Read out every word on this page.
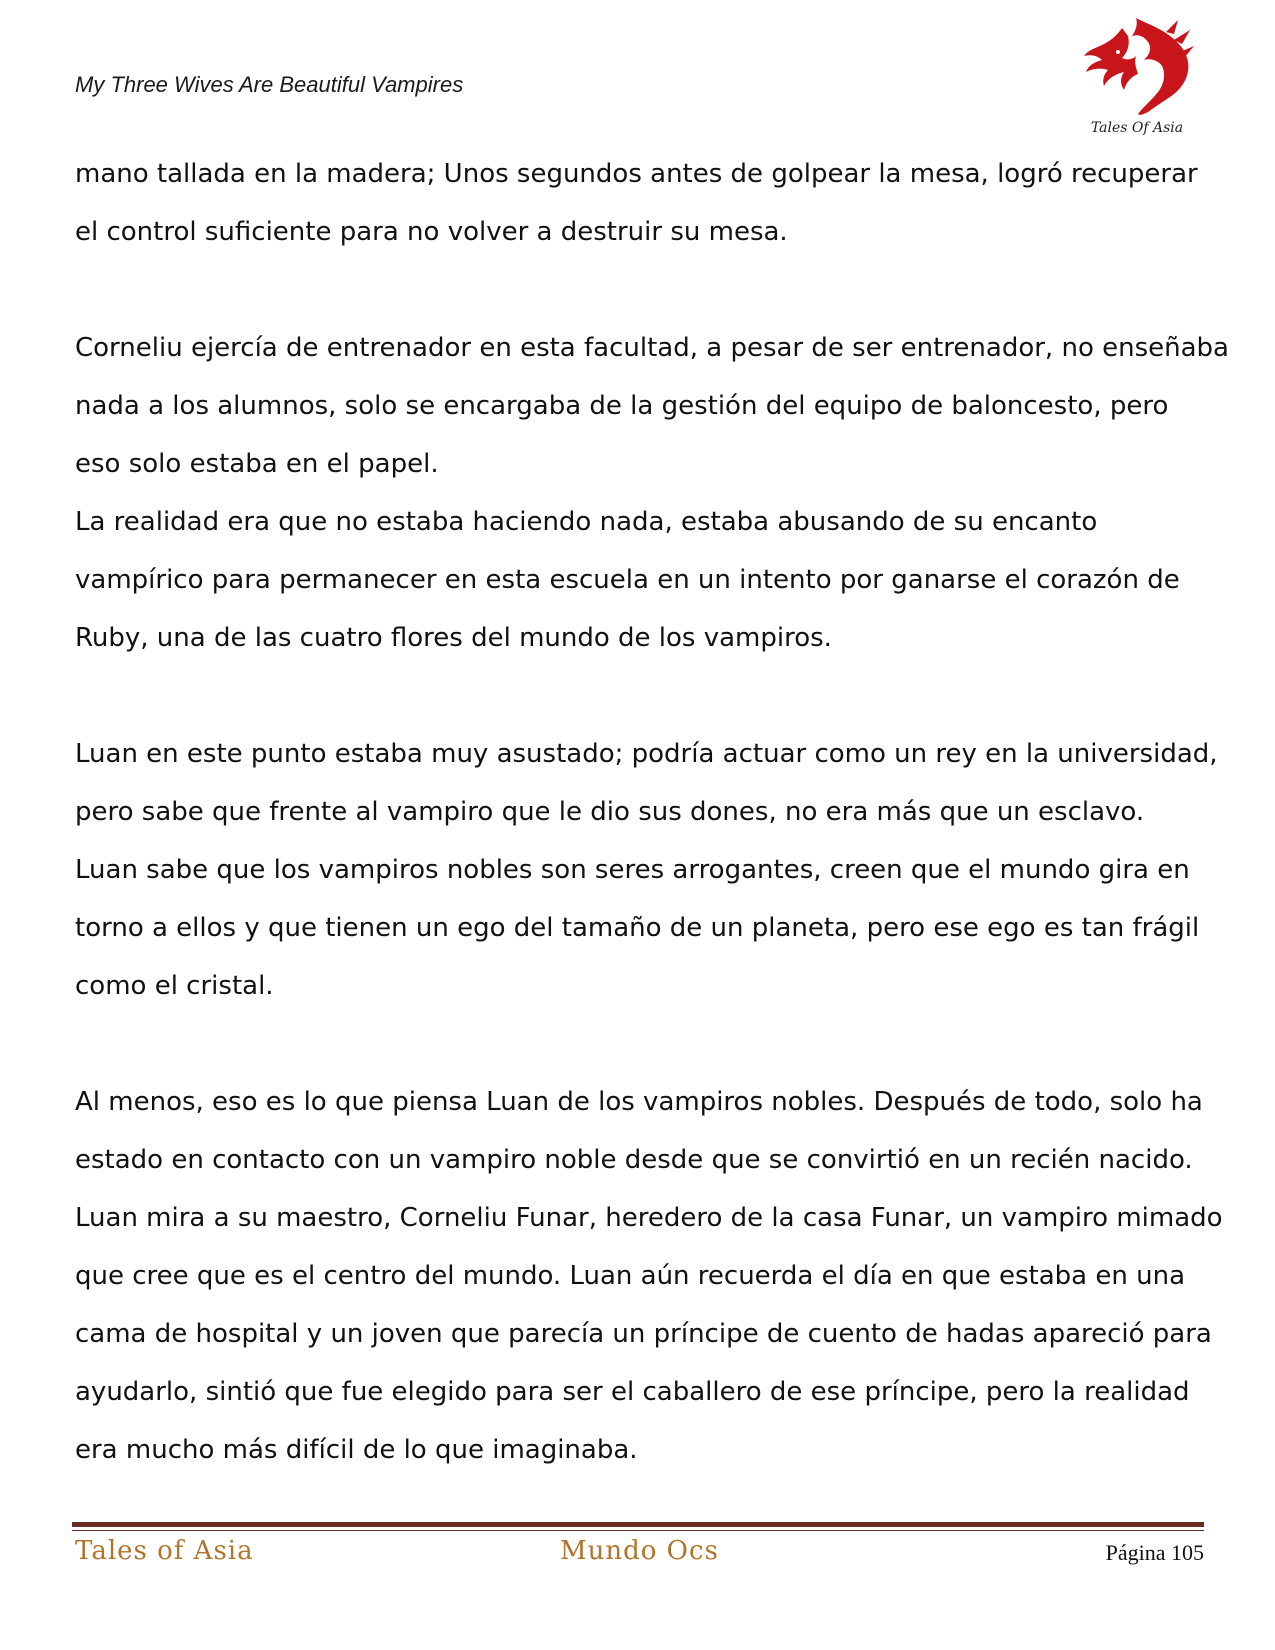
My Three Wives Are Beautiful Vampires
Tales Of Asia

mano tallada en la madera; Unos segundos antes de golpear la mesa, logró recuperar
el control suficiente para no volver a destruir su mesa.

Corneliu ejercía de entrenador en esta facultad, a pesar de ser entrenador, no enseñaba
nada a los alumnos, solo se encargaba de la gestión del equipo de baloncesto, pero
eso solo estaba en el papel.
La realidad era que no estaba haciendo nada, estaba abusando de su encanto
vampírico para permanecer en esta escuela en un intento por ganarse el corazón de
Ruby, una de las cuatro flores del mundo de los vampiros.

Luan en este punto estaba muy asustado; podría actuar como un rey en la universidad,
pero sabe que frente al vampiro que le dio sus dones, no era más que un esclavo.
Luan sabe que los vampiros nobles son seres arrogantes, creen que el mundo gira en
torno a ellos y que tienen un ego del tamaño de un planeta, pero ese ego es tan frágil
como el cristal.

Al menos, eso es lo que piensa Luan de los vampiros nobles. Después de todo, solo ha
estado en contacto con un vampiro noble desde que se convirtió en un recién nacido.
Luan mira a su maestro, Corneliu Funar, heredero de la casa Funar, un vampiro mimado
que cree que es el centro del mundo. Luan aún recuerda el día en que estaba en una
cama de hospital y un joven que parecía un príncipe de cuento de hadas apareció para
ayudarlo, sintió que fue elegido para ser el caballero de ese príncipe, pero la realidad
era mucho más difícil de lo que imaginaba.

Tales of Asia	Mundo Ocs	Página 105
